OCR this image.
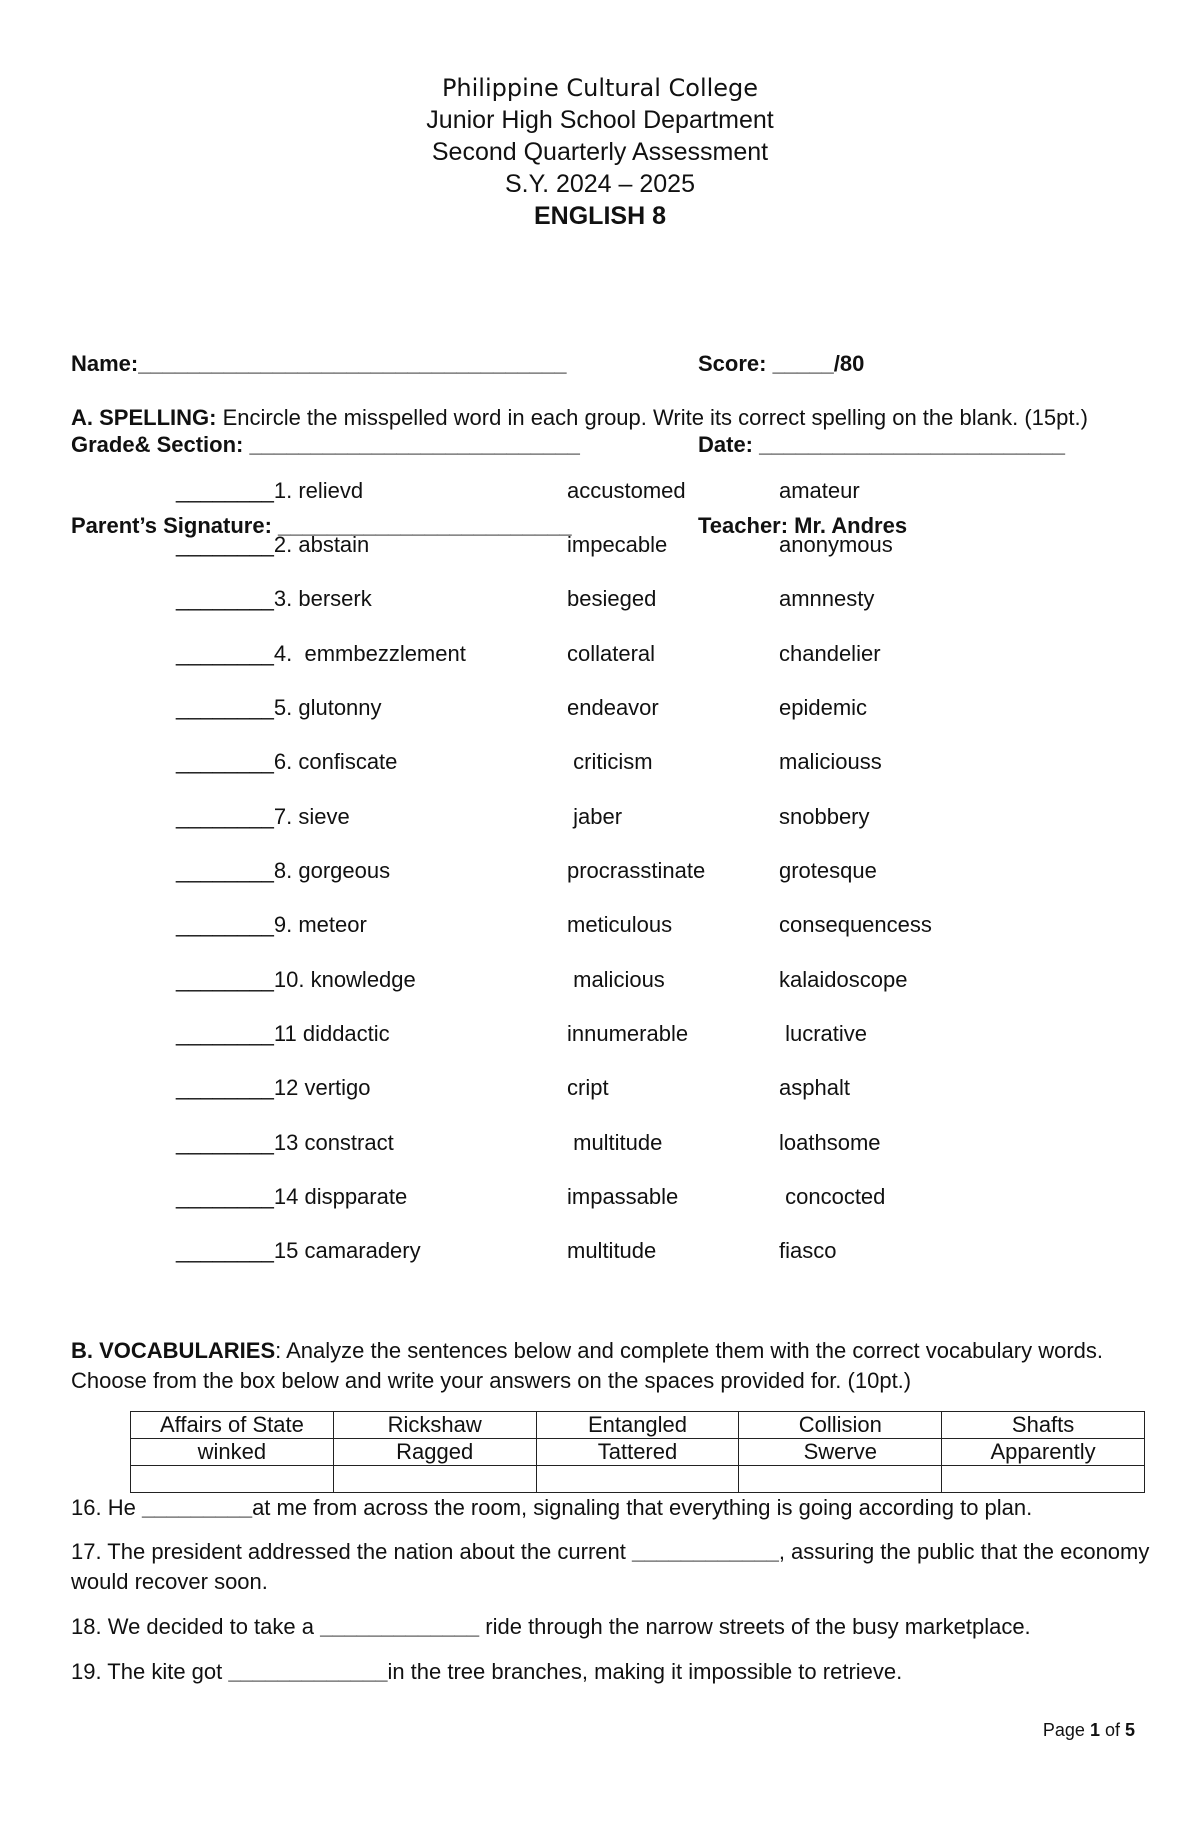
Philippine Cultural College
Junior High School Department
Second Quarterly Assessment
S.Y. 2024 – 2025
ENGLISH 8

Name:___________________________________

Grade& Section: ___________________________

Parent’s Signature: ________________________

Score: _____/80

Date: _________________________

Teacher: Mr. Andres

A. SPELLING: Encircle the misspelled word in each group. Write its correct spelling on the blank. (15pt.)
________1. relievd	accustomed	amateur
________2. abstain	impecable	anonymous
________3. berserk	besieged	amnnesty
________4.  emmbezzlement	collateral	chandelier
________5. glutonny	endeavor	epidemic
________6. confiscate	criticism	maliciouss
________7. sieve	jaber	snobbery
________8. gorgeous	procrasstinate	grotesque
________9. meteor	meticulous	consequencess
________10. knowledge	malicious	kalaidoscope
________11 diddactic	innumerable	lucrative
________12 vertigo	cript	asphalt
________13 constract	multitude	loathsome
________14 dispparate	impassable	concocted
________15 camaradery	multitude	fiasco
B. VOCABULARIES: Analyze the sentences below and complete them with the correct vocabulary words. Choose from the box below and write your answers on the spaces provided for. (10pt.)
Affairs of State	Rickshaw	Entangled	Collision	Shafts
winked	Ragged	Tattered	Swerve	Apparently

16. He _________at me from across the room, signaling that everything is going according to plan.
17. The president addressed the nation about the current ____________, assuring the public that the economy would recover soon.
18. We decided to take a _____________ ride through the narrow streets of the busy marketplace.
19. The kite got _____________in the tree branches, making it impossible to retrieve.
Page 1 of 5
